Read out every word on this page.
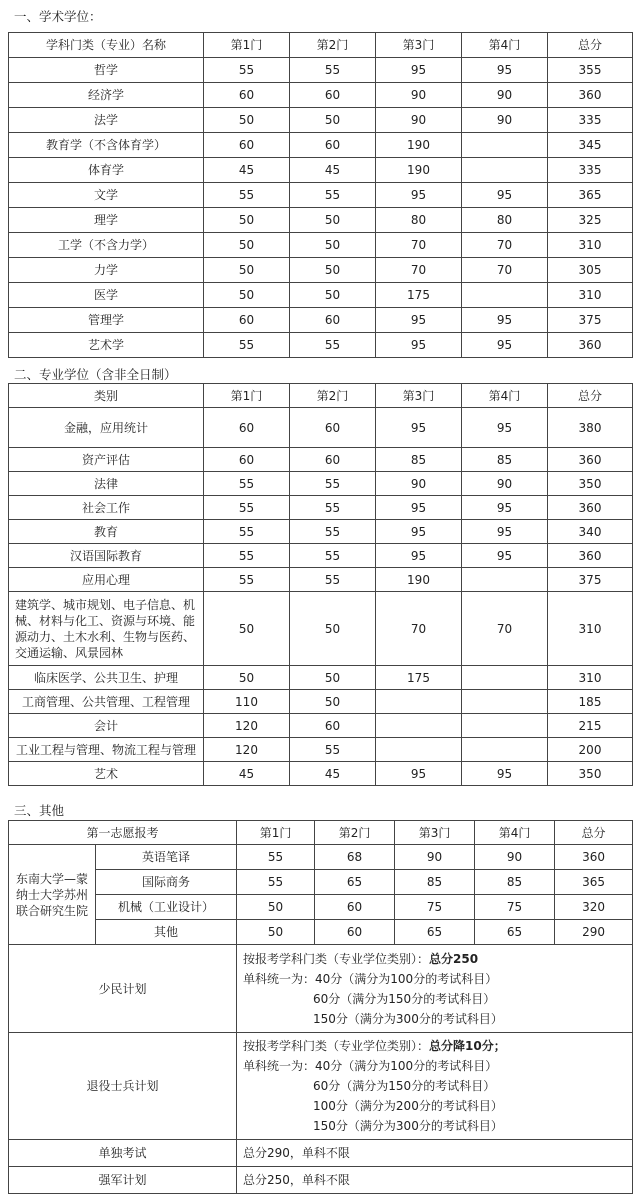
一、学术学位：
学科门类（专业）名称	第1门	第2门	第3门	第4门	总分
哲学	55	55	95	95	355
经济学	60	60	90	90	360
法学	50	50	90	90	335
教育学（不含体育学）	60	60	190		345
体育学	45	45	190		335
文学	55	55	95	95	365
理学	50	50	80	80	325
工学（不含力学）	50	50	70	70	310
力学	50	50	70	70	305
医学	50	50	175		310
管理学	60	60	95	95	375
艺术学	55	55	95	95	360
二、专业学位（含非全日制）
类别	第1门	第2门	第3门	第4门	总分
金融，应用统计	60	60	95	95	380
资产评估	60	60	85	85	360
法律	55	55	90	90	350
社会工作	55	55	95	95	360
教育	55	55	95	95	340
汉语国际教育	55	55	95	95	360
应用心理	55	55	190		375
建筑学、城市规划、电子信息、机械、材料与化工、资源与环境、能源动力、土木水利、生物与医药、交通运输、风景园林	50	50	70	70	310
临床医学、公共卫生、护理	50	50	175		310
工商管理、公共管理、工程管理	110	50			185
会计	120	60			215
工业工程与管理、物流工程与管理	120	55			200
艺术	45	45	95	95	350
三、其他
第一志愿报考		第1门	第2门	第3门	第4门	总分
东南大学—蒙纳士大学苏州联合研究生院	英语笔译	55	68	90	90	360
	国际商务	55	65	85	85	365
	机械（工业设计）	50	60	75	75	320
	其他	50	60	65	65	290
少民计划		按报考学科门类（专业学位类别）：总分250
单科统一为：40分（满分为100分的考试科目）

60分（满分为150分的考试科目）
150分（满分为300分的考试科目）				

退役士兵计划		按报考学科门类（专业学位类别）：总分降10分；
单科统一为：40分（满分为100分的考试科目）

60分（满分为150分的考试科目）
100分（满分为200分的考试科目）
150分（满分为300分的考试科目）				

单独考试		总分290，单科不限				
强军计划		总分250，单科不限				
